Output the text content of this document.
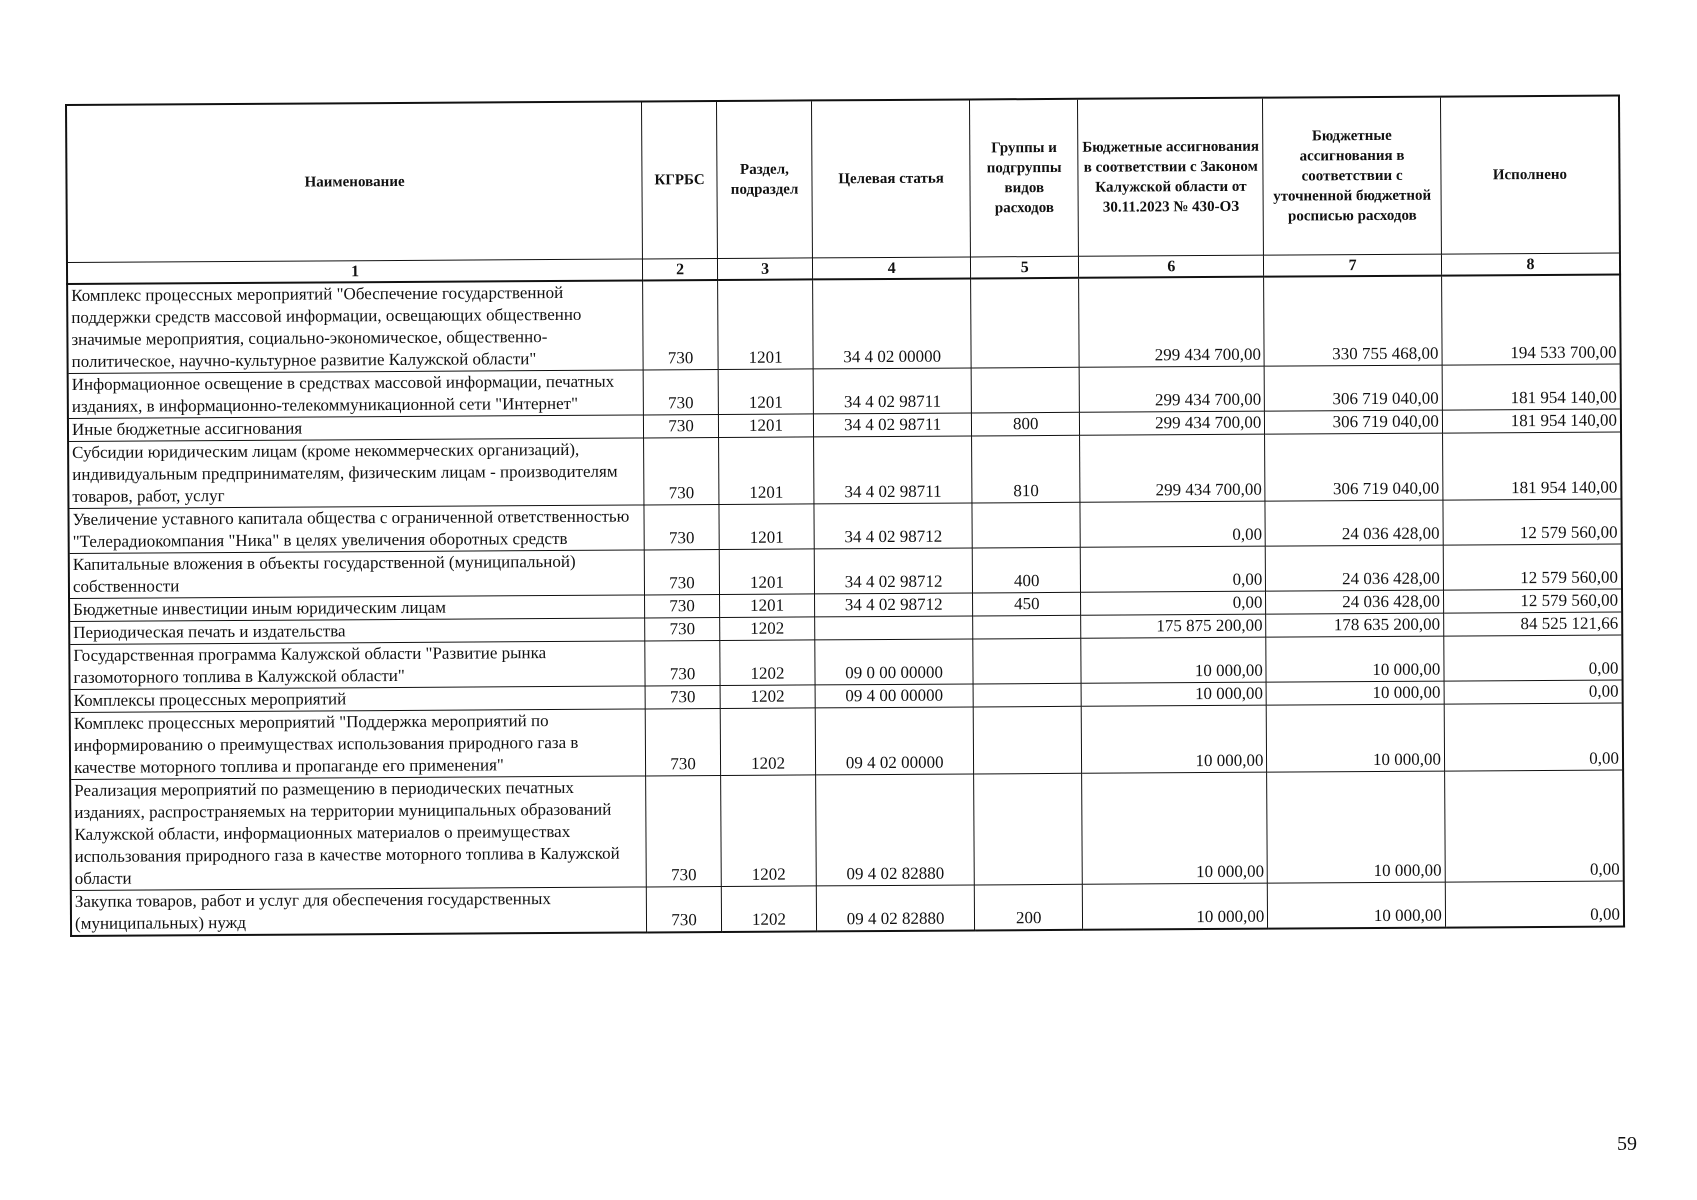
Наименование	КГРБС	Раздел, подраздел	Целевая статья	Группы и подгруппы видов расходов	Бюджетные ассигнования в соответствии с Законом Калужской области от 30.11.2023 № 430-ОЗ	Бюджетные ассигнования в соответствии с уточненной бюджетной росписью расходов	Исполнено
1	2	3	4	5	6	7	8
Комплекс процессных мероприятий "Обеспечение государственной поддержки средств массовой информации, освещающих общественно значимые мероприятия, социально-экономическое, общественно-политическое, научно-культурное развитие Калужской области"	730	1201	34 4 02 00000		299 434 700,00	330 755 468,00	194 533 700,00
Информационное освещение в средствах массовой информации, печатных изданиях, в информационно-телекоммуникационной сети "Интернет"	730	1201	34 4 02 98711		299 434 700,00	306 719 040,00	181 954 140,00
Иные бюджетные ассигнования	730	1201	34 4 02 98711	800	299 434 700,00	306 719 040,00	181 954 140,00
Субсидии юридическим лицам (кроме некоммерческих организаций), индивидуальным предпринимателям, физическим лицам - производителям товаров, работ, услуг	730	1201	34 4 02 98711	810	299 434 700,00	306 719 040,00	181 954 140,00
Увеличение уставного капитала общества с ограниченной ответственностью "Телерадиокомпания "Ника" в целях увеличения оборотных средств	730	1201	34 4 02 98712		0,00	24 036 428,00	12 579 560,00
Капитальные вложения в объекты государственной (муниципальной) собственности	730	1201	34 4 02 98712	400	0,00	24 036 428,00	12 579 560,00
Бюджетные инвестиции иным юридическим лицам	730	1201	34 4 02 98712	450	0,00	24 036 428,00	12 579 560,00
Периодическая печать и издательства	730	1202			175 875 200,00	178 635 200,00	84 525 121,66
Государственная программа Калужской области "Развитие рынка газомоторного топлива в Калужской области"	730	1202	09 0 00 00000		10 000,00	10 000,00	0,00
Комплексы процессных мероприятий	730	1202	09 4 00 00000		10 000,00	10 000,00	0,00
Комплекс процессных мероприятий "Поддержка мероприятий по информированию о преимуществах использования природного газа в качестве моторного топлива и пропаганде его применения"	730	1202	09 4 02 00000		10 000,00	10 000,00	0,00
Реализация мероприятий по размещению в периодических печатных изданиях, распространяемых на территории муниципальных образований Калужской области, информационных материалов о преимуществах использования природного газа в качестве моторного топлива в Калужской области	730	1202	09 4 02 82880		10 000,00	10 000,00	0,00
Закупка товаров, работ и услуг для обеспечения государственных (муниципальных) нужд	730	1202	09 4 02 82880	200	10 000,00	10 000,00	0,00
59
